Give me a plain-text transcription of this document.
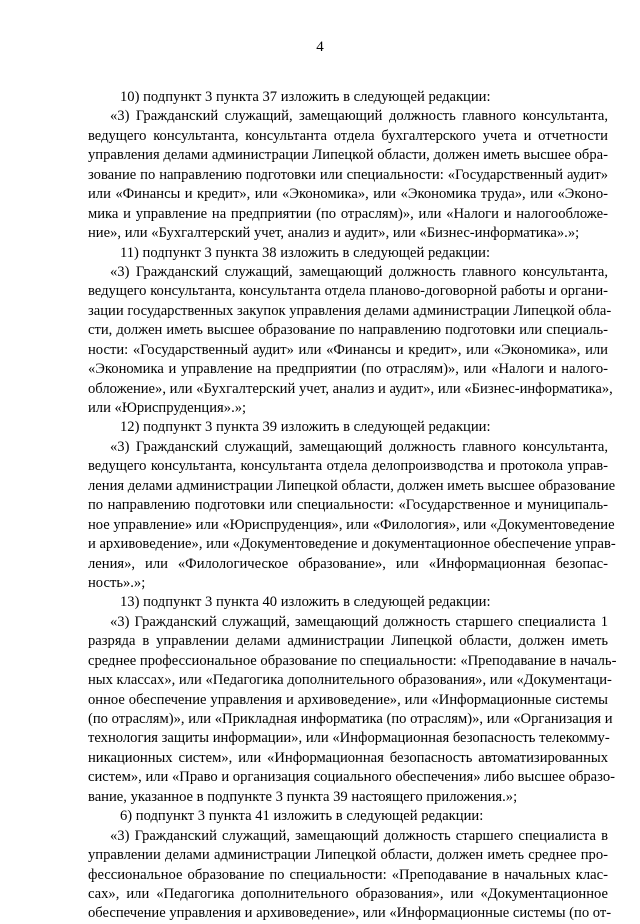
4
10) подпункт 3 пункта 37 изложить в следующей редакции:
«3) Гражданский служащий, замещающий должность главного консультанта,
ведущего консультанта, консультанта отдела бухгалтерского учета и отчетности
управления делами администрации Липецкой области, должен иметь высшее обра-
зование по направлению подготовки или специальности: «Государственный аудит»
или «Финансы и кредит», или «Экономика», или «Экономика труда», или «Эконо-
мика и управление на предприятии (по отраслям)», или «Налоги и налогообложе-
ние», или «Бухгалтерский учет, анализ и аудит», или «Бизнес-информатика».»;
11) подпункт 3 пункта 38 изложить в следующей редакции:
«3) Гражданский служащий, замещающий должность главного консультанта,
ведущего консультанта, консультанта отдела планово-договорной работы и органи-
зации государственных закупок управления делами администрации Липецкой обла-
сти, должен иметь высшее образование по направлению подготовки или специаль-
ности: «Государственный аудит» или «Финансы и кредит», или «Экономика», или
«Экономика и управление на предприятии (по отраслям)», или «Налоги и налого-
обложение», или «Бухгалтерский учет, анализ и аудит», или «Бизнес-информатика»,
или «Юриспруденция».»;
12) подпункт 3 пункта 39 изложить в следующей редакции:
«3) Гражданский служащий, замещающий должность главного консультанта,
ведущего консультанта, консультанта отдела делопроизводства и протокола управ-
ления делами администрации Липецкой области, должен иметь высшее образование
по направлению подготовки или специальности: «Государственное и муниципаль-
ное управление» или «Юриспруденция», или «Филология», или «Документоведение
и архивоведение», или «Документоведение и документационное обеспечение управ-
ления», или «Филологическое образование», или «Информационная безопас-
ность».»;
13) подпункт 3 пункта 40 изложить в следующей редакции:
«3) Гражданский служащий, замещающий должность старшего специалиста 1
разряда в управлении делами администрации Липецкой области, должен иметь
среднее профессиональное образование по специальности: «Преподавание в началь-
ных классах», или «Педагогика дополнительного образования», или «Документаци-
онное обеспечение управления и архивоведение», или «Информационные системы
(по отраслям)», или «Прикладная информатика (по отраслям)», или «Организация и
технология защиты информации», или «Информационная безопасность телекомму-
никационных систем», или «Информационная безопасность автоматизированных
систем», или «Право и организация социального обеспечения» либо высшее образо-
вание, указанное в подпункте 3 пункта 39 настоящего приложения.»;
6) подпункт 3 пункта 41 изложить в следующей редакции:
«3) Гражданский служащий, замещающий должность старшего специалиста в
управлении делами администрации Липецкой области, должен иметь среднее про-
фессиональное образование по специальности: «Преподавание в начальных клас-
сах», или «Педагогика дополнительного образования», или «Документационное
обеспечение управления и архивоведение», или «Информационные системы (по от-
